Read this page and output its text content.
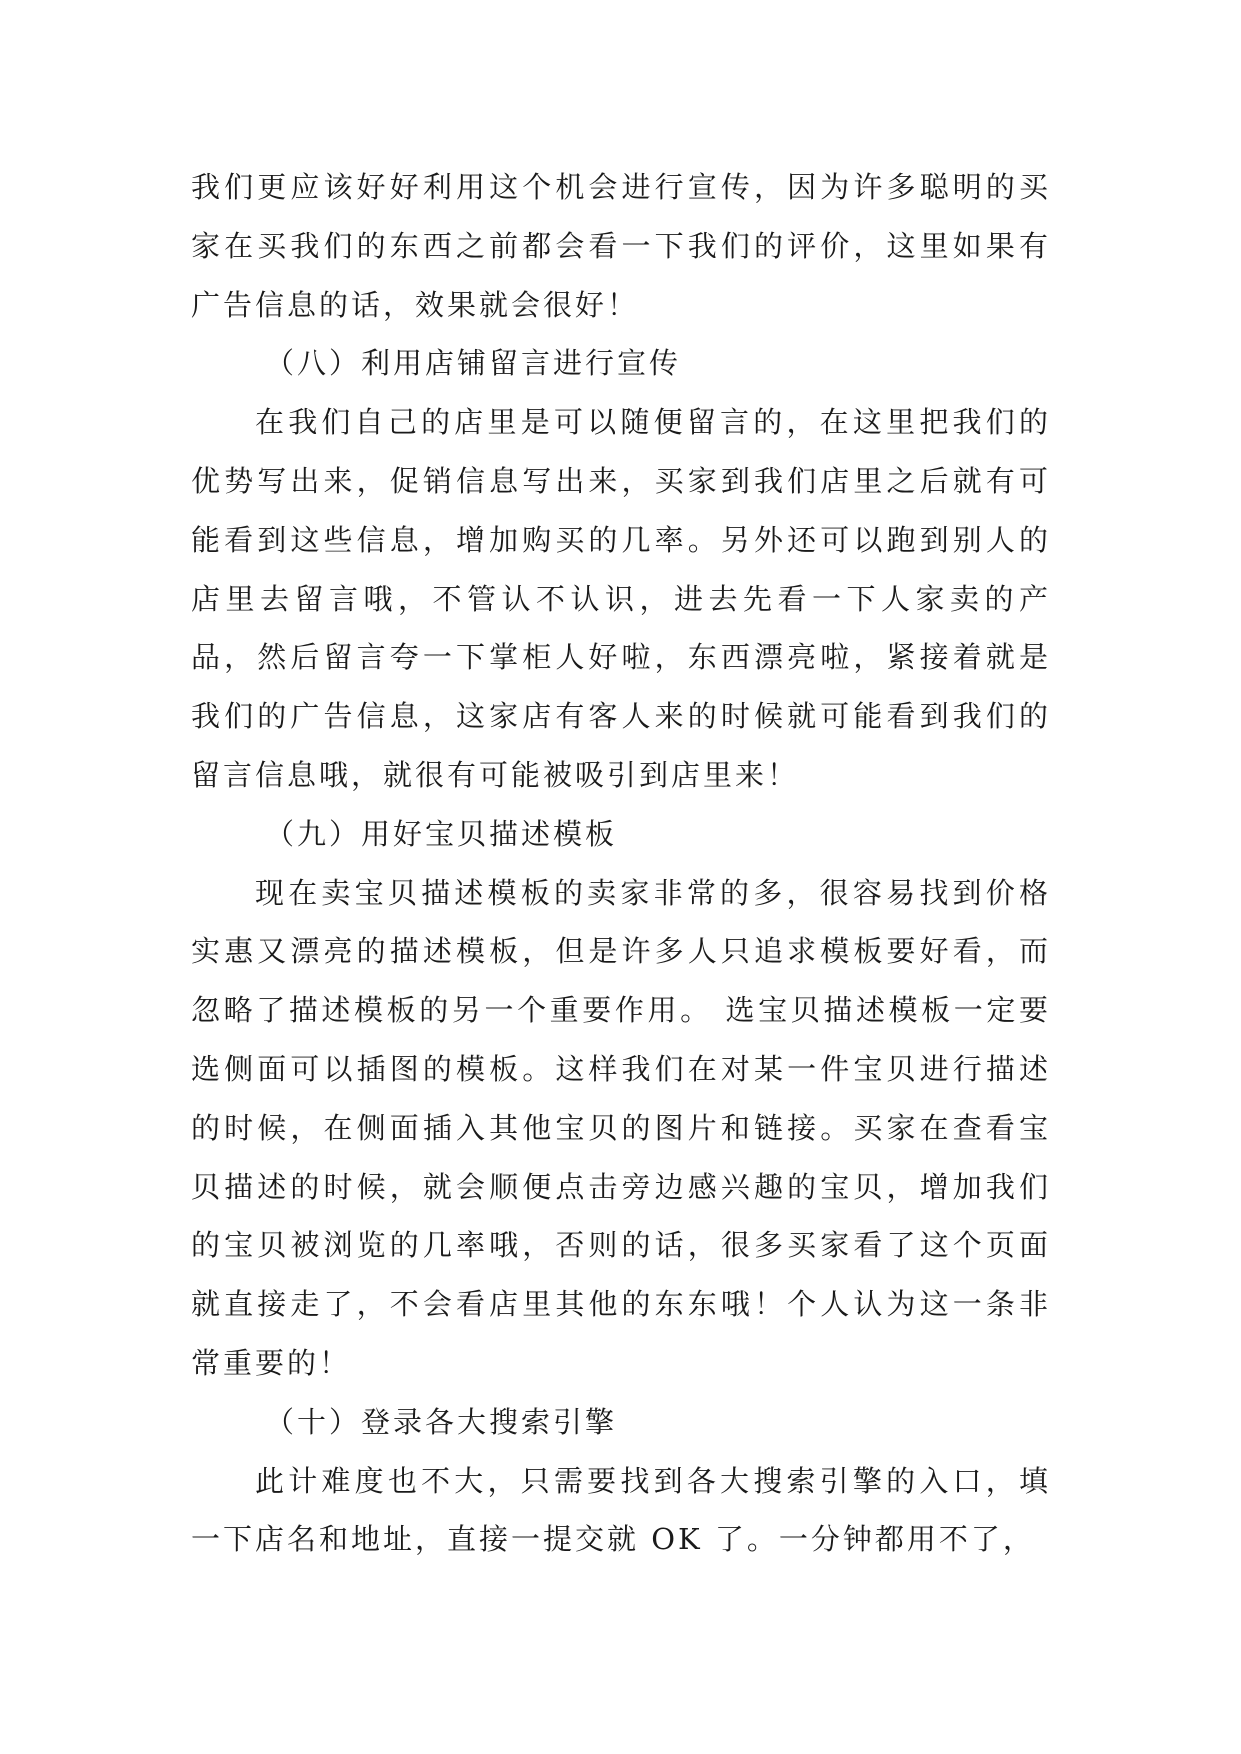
我们更应该好好利用这个机会进行宣传，因为许多聪明的买家在买我们的东西之前都会看一下我们的评价，这里如果有广告信息的话，效果就会很好！

（八）利用店铺留言进行宣传

在我们自己的店里是可以随便留言的，在这里把我们的优势写出来，促销信息写出来，买家到我们店里之后就有可能看到这些信息，增加购买的几率。另外还可以跑到别人的店里去留言哦，不管认不认识，进去先看一下人家卖的产品，然后留言夸一下掌柜人好啦，东西漂亮啦，紧接着就是我们的广告信息，这家店有客人来的时候就可能看到我们的留言信息哦，就很有可能被吸引到店里来！

（九）用好宝贝描述模板

现在卖宝贝描述模板的卖家非常的多，很容易找到价格实惠又漂亮的描述模板，但是许多人只追求模板要好看，而忽略了描述模板的另一个重要作用。 选宝贝描述模板一定要选侧面可以插图的模板。这样我们在对某一件宝贝进行描述的时候，在侧面插入其他宝贝的图片和链接。买家在查看宝贝描述的时候，就会顺便点击旁边感兴趣的宝贝，增加我们的宝贝被浏览的几率哦，否则的话，很多买家看了这个页面就直接走了，不会看店里其他的东东哦！个人认为这一条非常重要的！

（十）登录各大搜索引擎

此计难度也不大，只需要找到各大搜索引擎的入口，填一下店名和地址，直接一提交就 OK 了。一分钟都用不了，
